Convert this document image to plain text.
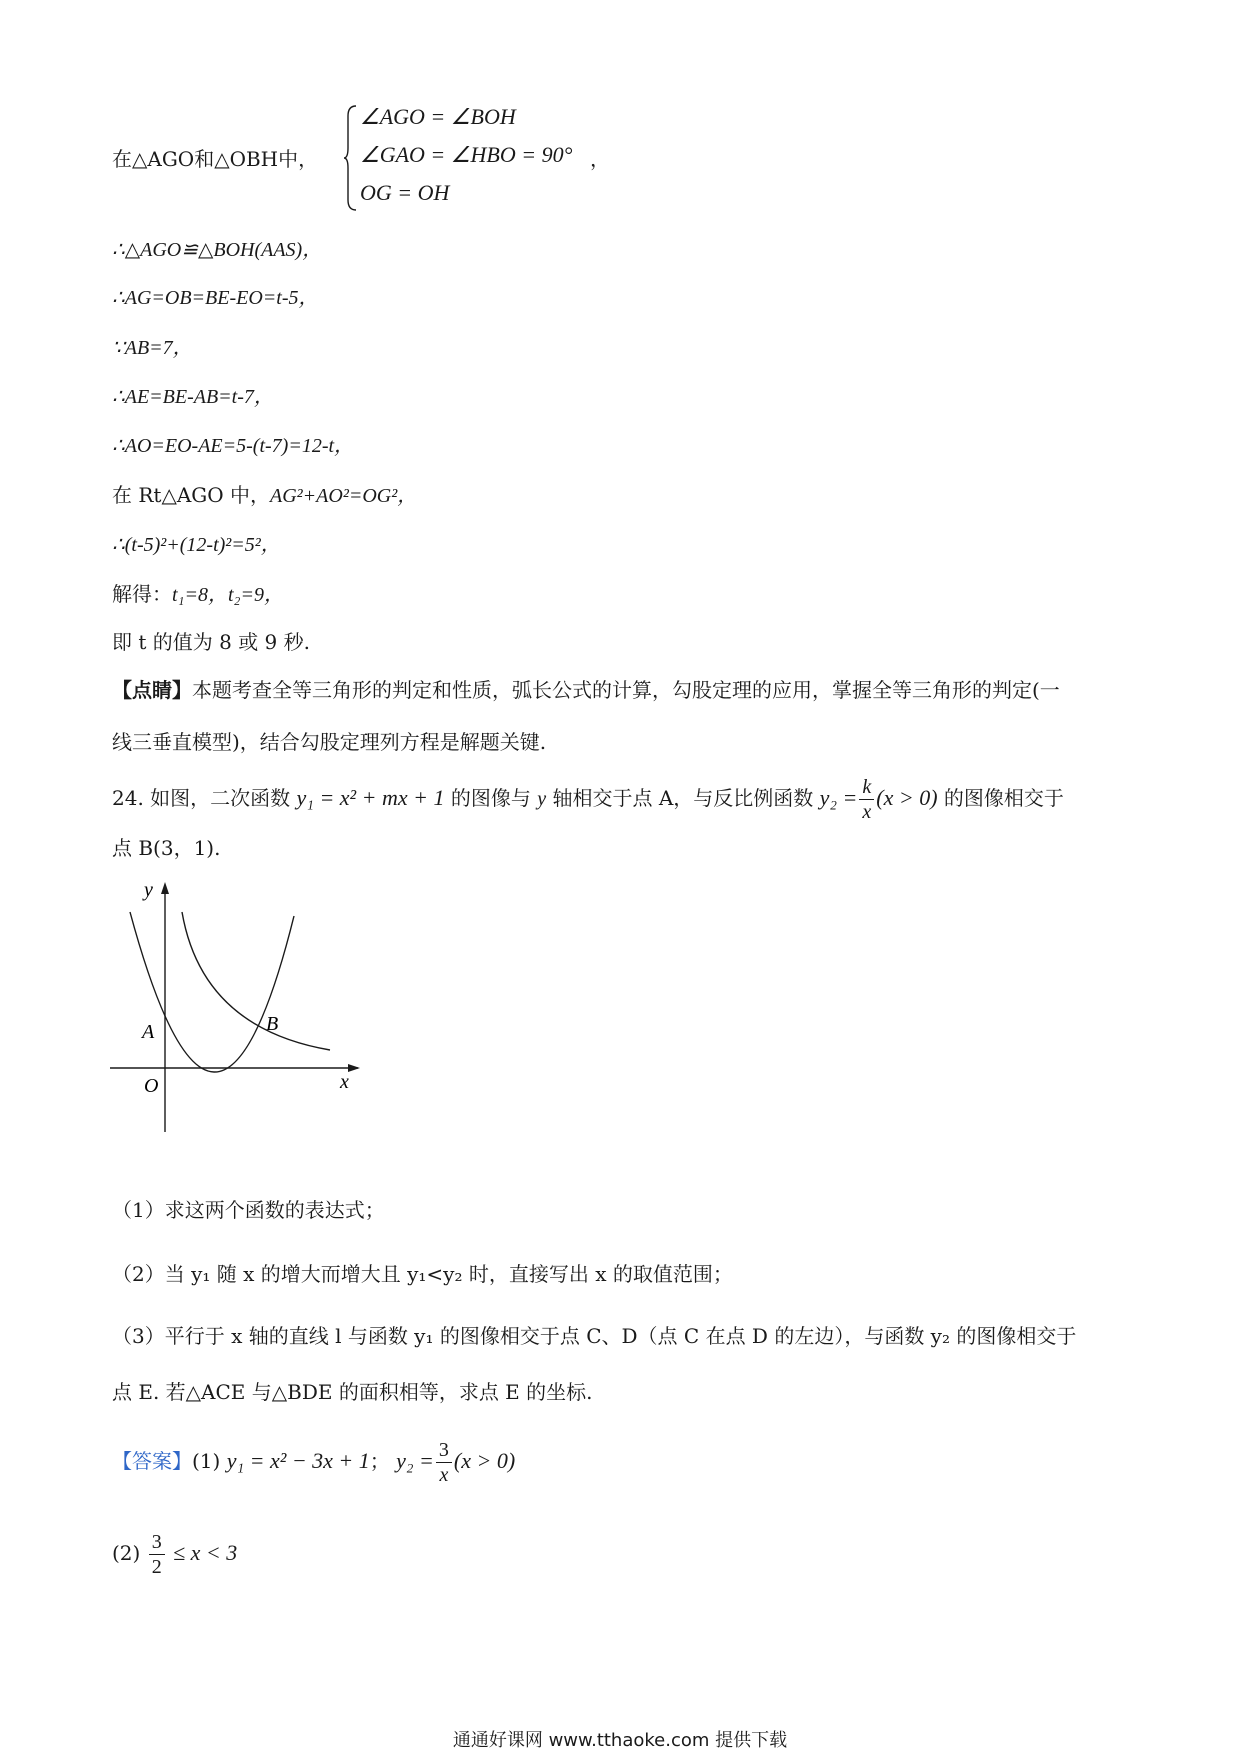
在△AGO和△OBH中，
∠AGO = ∠BOH
∠GAO = ∠HBO = 90°
OG = OH
，
∴△AGO≌△BOH(AAS)，
∴AG=OB=BE-EO=t-5，
∵AB=7，
∴AE=BE-AB=t-7，
∴AO=EO-AE=5-(t-7)=12-t，
在 Rt△AGO 中，AG²+AO²=OG²，
∴(t-5)²+(12-t)²=5²，
解得：t₁=8，t₂=9，
即 t 的值为 8 或 9 秒.
【点睛】本题考查全等三角形的判定和性质，弧长公式的计算，勾股定理的应用，掌握全等三角形的判定(一
线三垂直模型)，结合勾股定理列方程是解题关键.
24. 如图，二次函数 y₁ = x² + mx + 1 的图像与 y 轴相交于点 A，与反比例函数 $y_2 = \frac{k}{x} (x > 0)$ 的图像相交于
点 B(3，1).
y
x
A	B
O
（1）求这两个函数的表达式；
（2）当 y₁ 随 x 的增大而增大且 y₁<y₂ 时，直接写出 x 的取值范围；
（3）平行于 x 轴的直线 l 与函数 y₁ 的图像相交于点 C、D（点 C 在点 D 的左边），与函数 y₂ 的图像相交于
点 E. 若△ACE 与△BDE 的面积相等，求点 E 的坐标.
【答案】(1) y₁ = x² − 3x + 1； $y_2 = \frac{3}{x} (x > 0)$
$(2) \frac{3}{2} \le x < 3$
通通好课网 www.tthaoke.com 提供下载
